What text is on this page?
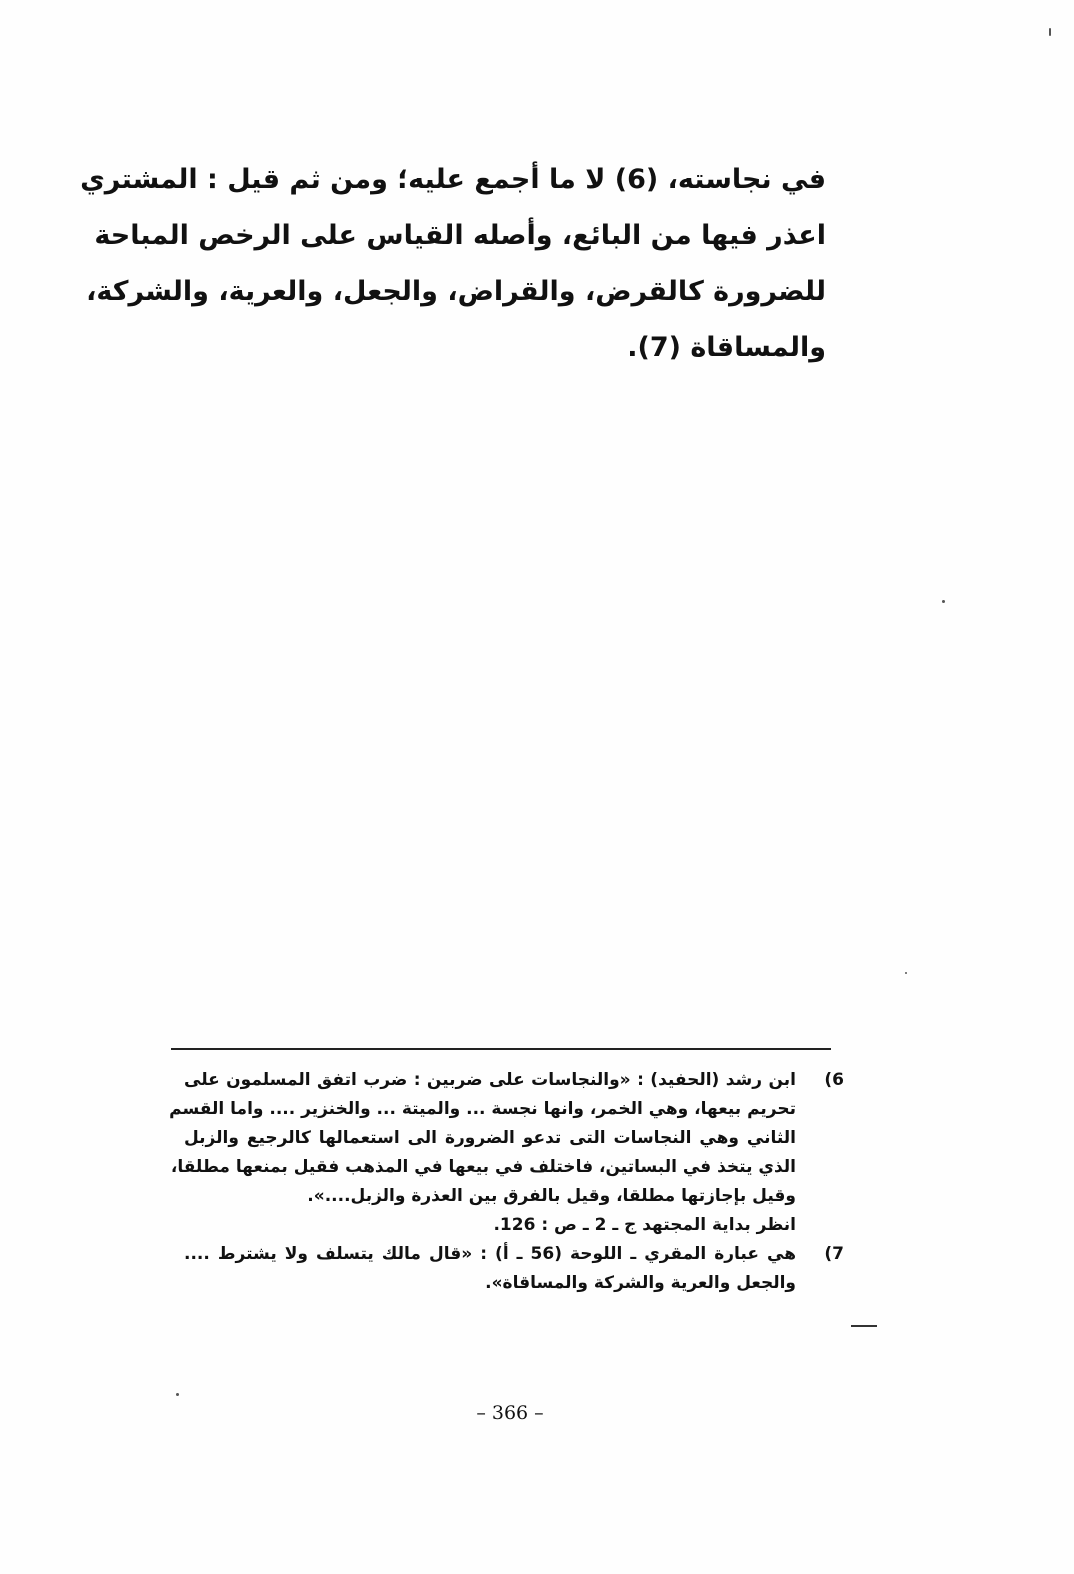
في نجاسته، (6) لا ما أجمع عليه؛ ومن ثم قيل : المشتري
اعذر فيها من البائع، وأصله القياس على الرخص المباحة
للضرورة كالقرض، والقراض، والجعل، والعرية، والشركة،
والمساقاة (7).
(6
ابن رشد (الحفيد) : «والنجاسات على ضربين : ضرب اتفق المسلمون على
تحريم بيعها، وهي الخمر، وانها نجسة ... والميتة ... والخنزير .... واما القسم
الثاني وهي النجاسات التى تدعو الضرورة الى استعمالها كالرجيع والزبل
الذي يتخذ في البساتين، فاختلف في بيعها في المذهب فقيل بمنعها مطلقا،
وقيل بإجازتها مطلقا، وقيل بالفرق بين العذرة والزبل....».
انظر بداية المجتهد ج ـ 2 ـ ص : 126.
(7
هي عبارة المقري ـ اللوحة (56 ـ أ) : «قال مالك يتسلف ولا يشترط ....
والجعل والعرية والشركة والمساقاة».
– 366 –
